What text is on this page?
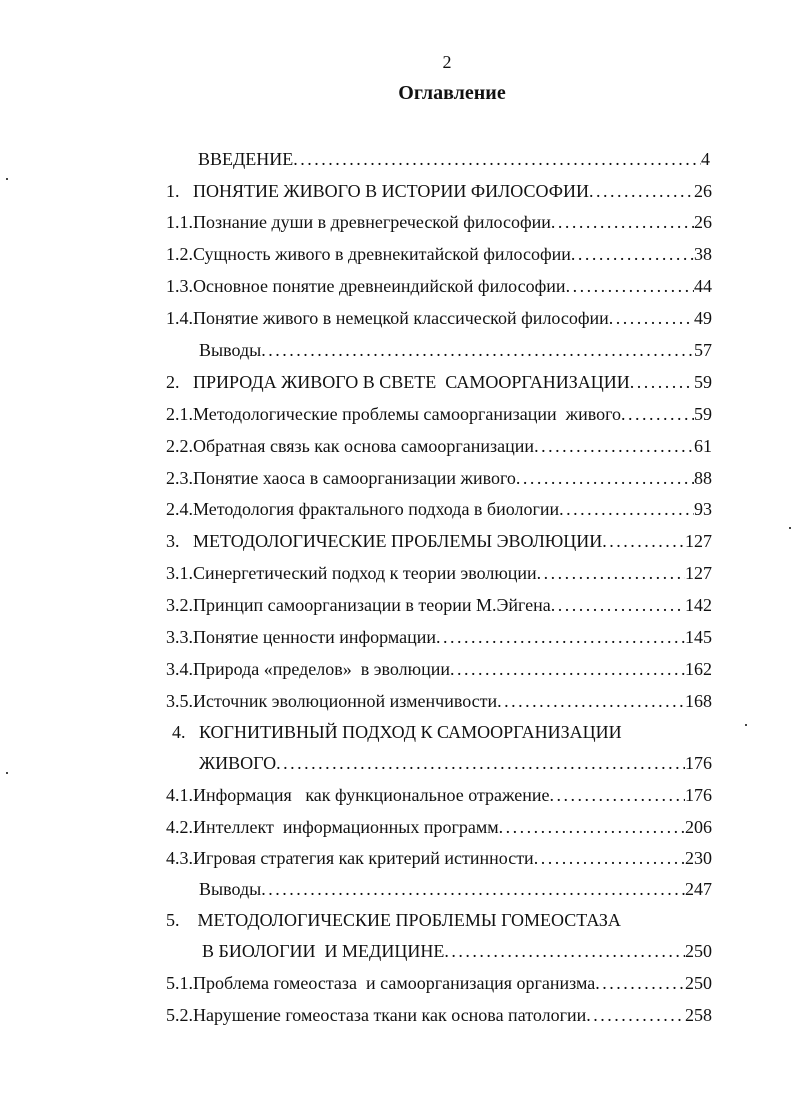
2
Оглавление
ВВЕДЕНИЕ . . .	4
1.   ПОНЯТИЕ ЖИВОГО В ИСТОРИИ ФИЛОСОФИИ . . .	26
1.1.Познание души в древнегреческой философии . . .	26
1.2.Сущность живого в древнекитайской философии . . .	38
1.3.Основное понятие древнеиндийской философии . . .	44
1.4.Понятие живого в немецкой классической философии . . .	49
Выводы . . .	57
2.   ПРИРОДА ЖИВОГО В СВЕТЕ  САМООРГАНИЗАЦИИ . . .	59
2.1.Методологические проблемы самоорганизации  живого . . .	59
2.2.Обратная связь как основа самоорганизации . . .	61
2.3.Понятие хаоса в самоорганизации живого . . .	88
2.4.Методология фрактального подхода в биологии . . .	93
3.   МЕТОДОЛОГИЧЕСКИЕ ПРОБЛЕМЫ ЭВОЛЮЦИИ . . .	127
3.1.Синергетический подход к теории эволюции . . .	127
3.2.Принцип самоорганизации в теории М.Эйгена . . .	142
3.3.Понятие ценности информации . . .	145
3.4.Природа «пределов»  в эволюции . . .	162
3.5.Источник эволюционной изменчивости . . .	168
4.   КОГНИТИВНЫЙ ПОДХОД К САМООРГАНИЗАЦИИ
ЖИВОГО . . .	176
4.1.Информация   как функциональное отражение . . .	176
4.2.Интеллект  информационных программ . . .	206
4.3.Игровая стратегия как критерий истинности . . .	230
Выводы . . .	247
5.    МЕТОДОЛОГИЧЕСКИЕ ПРОБЛЕМЫ ГОМЕОСТАЗА
В БИОЛОГИИ  И МЕДИЦИНЕ . . .	250
5.1.Проблема гомеостаза  и самоорганизация организма . . .	250
5.2.Нарушение гомеостаза ткани как основа патологии . . .	258
